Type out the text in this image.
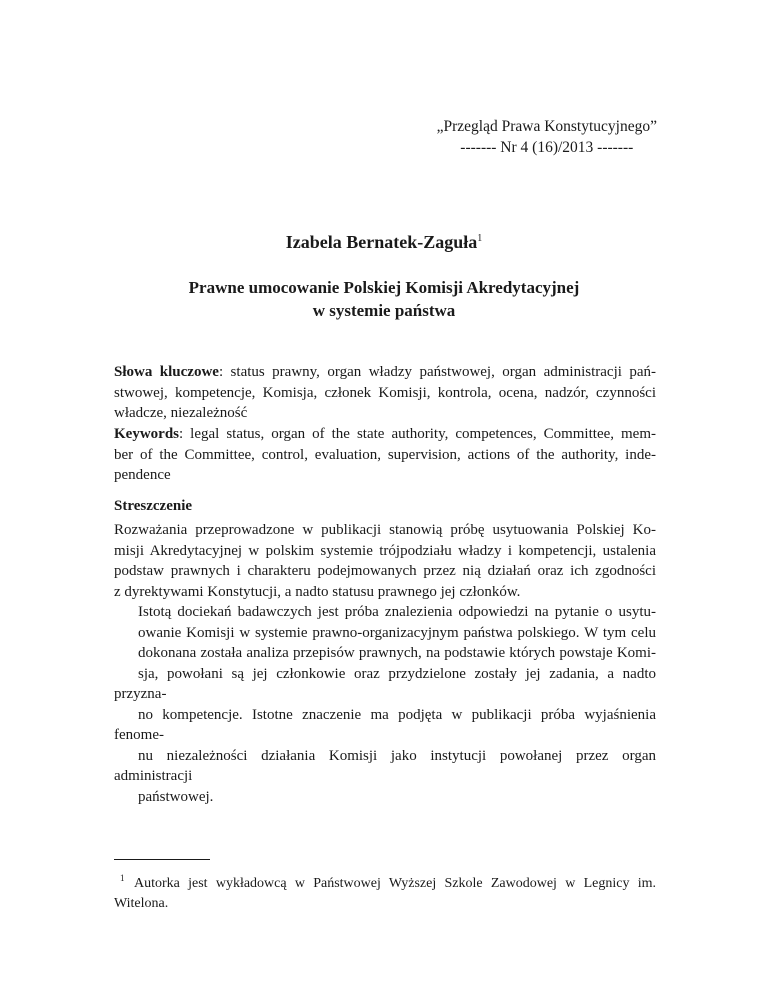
„Przegląd Prawa Konstytucyjnego”
------- Nr 4 (16)/2013 -------
Izabela Bernatek-Zaguła$^1$
Prawne umocowanie Polskiej Komisji Akredytacyjnej
w systemie państwa
Słowa kluczowe: status prawny, organ władzy państwowej, organ administracji pań-
stwowej, kompetencje, Komisja, członek Komisji, kontrola, ocena, nadzór, czynności
władcze, niezależność
Keywords: legal status, organ of the state authority, competences, Committee, mem-
ber of the Committee, control, evaluation, supervision, actions of the authority, inde-
pendence
Streszczenie

Rozważania przeprowadzone w publikacji stanowią próbę usytuowania Polskiej Ko-
misji Akredytacyjnej w polskim systemie trójpodziału władzy i kompetencji, ustalenia
podstaw prawnych i charakteru podejmowanych przez nią działań oraz ich zgodności
z dyrektywami Konstytucji, a nadto statusu prawnego jej członków.

Istotą dociekań badawczych jest próba znalezienia odpowiedzi na pytanie o usytu-
owanie Komisji w systemie prawno-organizacyjnym państwa polskiego. W tym celu
dokonana została analiza przepisów prawnych, na podstawie których powstaje Komi-
sja, powołani są jej członkowie oraz przydzielone zostały jej zadania, a nadto przyzna-
no kompetencje. Istotne znaczenie ma podjęta w publikacji próba wyjaśnienia fenome-
nu niezależności działania Komisji jako instytucji powołanej przez organ administracji
państwowej.

1 Autorka jest wykładowcą w Państwowej Wyższej Szkole Zawodowej w Legnicy im.
Witelona.
